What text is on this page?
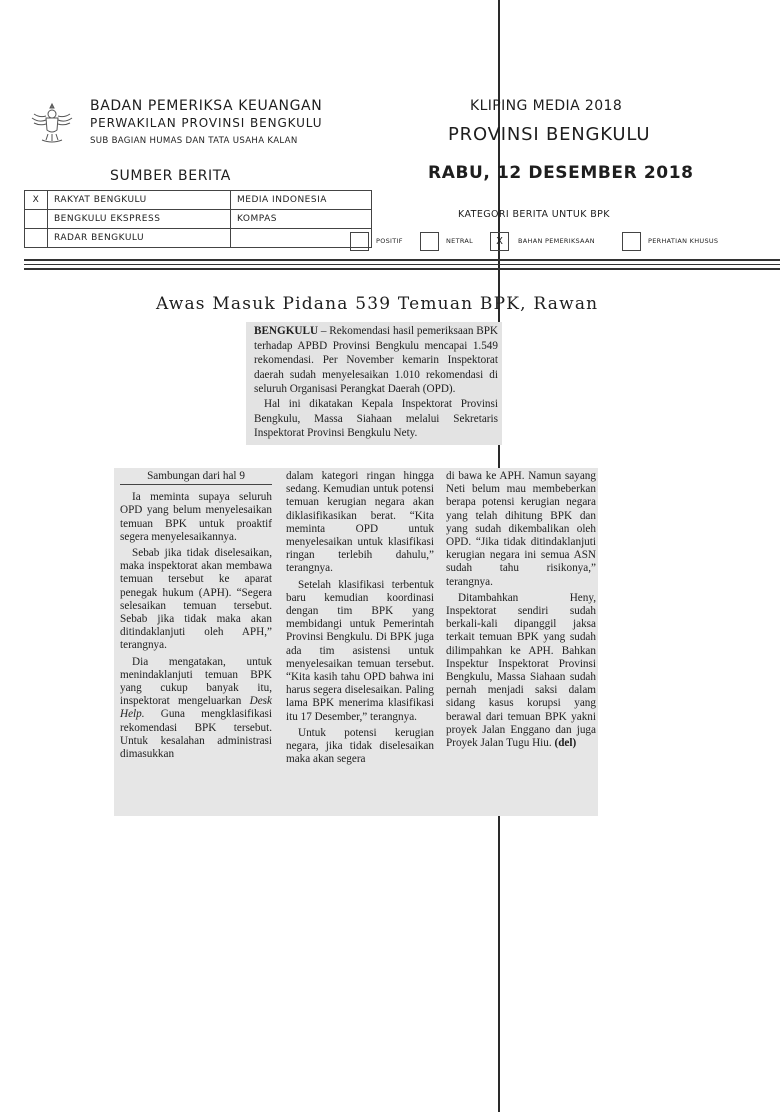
BADAN PEMERIKSA KEUANGAN
PERWAKILAN PROVINSI BENGKULU
SUB BAGIAN HUMAS DAN TATA USAHA KALAN
KLIPING MEDIA 2018
PROVINSI BENGKULU
RABU, 12 DESEMBER 2018
SUMBER BERITA
X	RAKYAT BENGKULU	MEDIA INDONESIA
	BENGKULU EKSPRESS	KOMPAS
	RADAR BENGKULU	
KATEGORI BERITA UNTUK BPK
POSITIF	NETRAL	X	BAHAN PEMERIKSAAN	PERHATIAN KHUSUS
Awas Masuk Pidana 539 Temuan BPK, Rawan

BENGKULU – Rekomendasi hasil pemeriksaan BPK terhadap APBD Provinsi Bengkulu mencapai 1.549 rekomendasi. Per November kemarin Inspektorat daerah sudah menyelesaikan 1.010 rekomendasi di seluruh Organisasi Perangkat Daerah (OPD).

Hal ini dikatakan Kepala Inspektorat Provinsi Bengkulu, Massa Siahaan melalui Sekretaris Inspektorat Provinsi Bengkulu Nety.

Sambungan dari hal 9

Ia meminta supaya seluruh OPD yang belum menyelesaikan temuan BPK untuk proaktif segera menyelesaikannya.

Sebab jika tidak diselesaikan, maka inspektorat akan membawa temuan tersebut ke aparat penegak hukum (APH). “Segera selesaikan temuan tersebut. Sebab jika tidak maka akan ditindaklanjuti oleh APH,” terangnya.

Dia mengatakan, untuk menindaklanjuti temuan BPK yang cukup banyak itu, inspektorat mengeluarkan Desk Help. Guna mengklasifikasi rekomendasi BPK tersebut. Untuk kesalahan administrasi dimasukkan

dalam kategori ringan hingga sedang. Kemudian untuk potensi temuan kerugian negara akan diklasifikasikan berat. “Kita meminta OPD untuk menyelesaikan untuk klasifikasi ringan terlebih dahulu,” terangnya.

Setelah klasifikasi terbentuk baru kemudian koordinasi dengan tim BPK yang membidangi untuk Pemerintah Provinsi Bengkulu. Di BPK juga ada tim asistensi untuk menyelesaikan temuan tersebut. “Kita kasih tahu OPD bahwa ini harus segera diselesaikan. Paling lama BPK menerima klasifikasi itu 17 Desember,” terangnya.

Untuk potensi kerugian negara, jika tidak diselesaikan maka akan segera

di bawa ke APH. Namun sayang Neti belum mau membeberkan berapa potensi kerugian negara yang telah dihitung BPK dan yang sudah dikembalikan oleh OPD. “Jika tidak ditindaklanjuti kerugian negara ini semua ASN sudah tahu risikonya,” terangnya.

Ditambahkan Heny, Inspektorat sendiri sudah berkali-kali dipanggil jaksa terkait temuan BPK yang sudah dilimpahkan ke APH. Bahkan Inspektur Inspektorat Provinsi Bengkulu, Massa Siahaan sudah pernah menjadi saksi dalam sidang kasus korupsi yang berawal dari temuan BPK yakni proyek Jalan Enggano dan juga Proyek Jalan Tugu Hiu. (del)
